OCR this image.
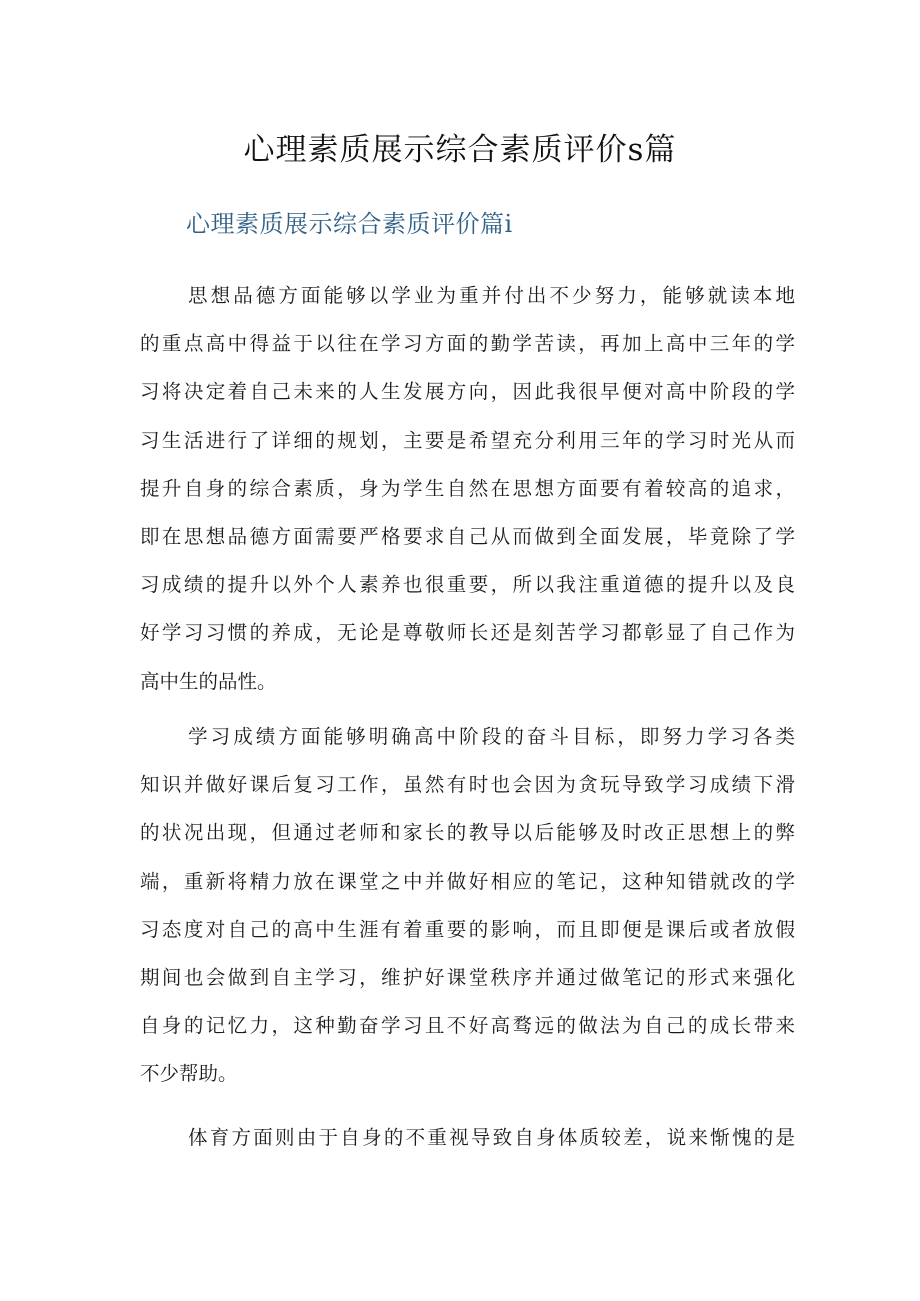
心理素质展示综合素质评价s篇
心理素质展示综合素质评价篇i
思想品德方面能够以学业为重并付出不少努力，能够就读本地
的重点高中得益于以往在学习方面的勤学苦读，再加上高中三年的学
习将决定着自己未来的人生发展方向，因此我很早便对高中阶段的学
习生活进行了详细的规划，主要是希望充分利用三年的学习时光从而
提升自身的综合素质，身为学生自然在思想方面要有着较高的追求，
即在思想品德方面需要严格要求自己从而做到全面发展，毕竟除了学
习成绩的提升以外个人素养也很重要，所以我注重道德的提升以及良
好学习习惯的养成，无论是尊敬师长还是刻苦学习都彰显了自己作为
高中生的品性。
学习成绩方面能够明确高中阶段的奋斗目标，即努力学习各类
知识并做好课后复习工作，虽然有时也会因为贪玩导致学习成绩下滑
的状况出现，但通过老师和家长的教导以后能够及时改正思想上的弊
端，重新将精力放在课堂之中并做好相应的笔记，这种知错就改的学
习态度对自己的高中生涯有着重要的影响，而且即便是课后或者放假
期间也会做到自主学习，维护好课堂秩序并通过做笔记的形式来强化
自身的记忆力，这种勤奋学习且不好高骛远的做法为自己的成长带来
不少帮助。
体育方面则由于自身的不重视导致自身体质较差，说来惭愧的是
